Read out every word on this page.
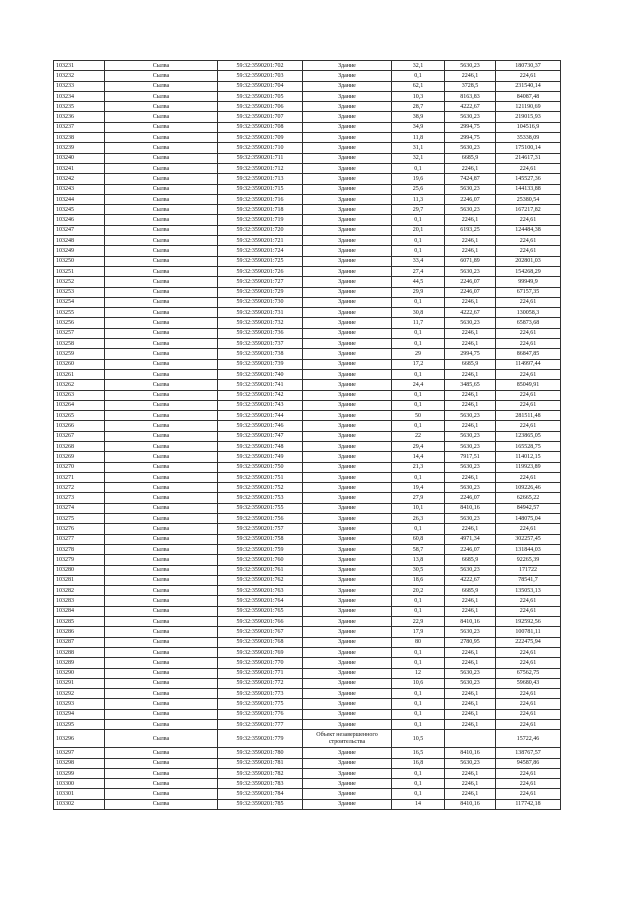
103231	Сылва	59:32:3590201:702	Здание	32,1	5630,23	180730,37
103232	Сылва	59:32:3590201:703	Здание	0,1	2246,1	224,61
103233	Сылва	59:32:3590201:704	Здание	62,1	3728,5	231540,14
103234	Сылва	59:32:3590201:705	Здание	10,3	8163,83	84087,48
103235	Сылва	59:32:3590201:706	Здание	28,7	4222,67	121190,69
103236	Сылва	59:32:3590201:707	Здание	38,9	5630,23	219015,93
103237	Сылва	59:32:3590201:708	Здание	34,9	2994,75	104516,9
103238	Сылва	59:32:3590201:709	Здание	11,8	2994,75	35338,09
103239	Сылва	59:32:3590201:710	Здание	31,1	5630,23	175100,14
103240	Сылва	59:32:3590201:711	Здание	32,1	6685,9	214617,31
103241	Сылва	59:32:3590201:712	Здание	0,1	2246,1	224,61
103242	Сылва	59:32:3590201:713	Здание	19,6	7424,87	145527,36
103243	Сылва	59:32:3590201:715	Здание	25,6	5630,23	144133,88
103244	Сылва	59:32:3590201:716	Здание	11,3	2246,07	25380,54
103245	Сылва	59:32:3590201:718	Здание	29,7	5630,23	167217,82
103246	Сылва	59:32:3590201:719	Здание	0,1	2246,1	224,61
103247	Сылва	59:32:3590201:720	Здание	20,1	6193,25	124484,38
103248	Сылва	59:32:3590201:721	Здание	0,1	2246,1	224,61
103249	Сылва	59:32:3590201:724	Здание	0,1	2246,1	224,61
103250	Сылва	59:32:3590201:725	Здание	33,4	6071,89	202801,03
103251	Сылва	59:32:3590201:726	Здание	27,4	5630,23	154268,29
103252	Сылва	59:32:3590201:727	Здание	44,5	2246,07	99949,9
103253	Сылва	59:32:3590201:729	Здание	29,9	2246,07	67157,35
103254	Сылва	59:32:3590201:730	Здание	0,1	2246,1	224,61
103255	Сылва	59:32:3590201:731	Здание	30,8	4222,67	130058,3
103256	Сылва	59:32:3590201:732	Здание	11,7	5630,23	65873,68
103257	Сылва	59:32:3590201:736	Здание	0,1	2246,1	224,61
103258	Сылва	59:32:3590201:737	Здание	0,1	2246,1	224,61
103259	Сылва	59:32:3590201:738	Здание	29	2994,75	86847,85
103260	Сылва	59:32:3590201:739	Здание	17,2	6685,9	114997,44
103261	Сылва	59:32:3590201:740	Здание	0,1	2246,1	224,61
103262	Сылва	59:32:3590201:741	Здание	24,4	3485,65	85049,91
103263	Сылва	59:32:3590201:742	Здание	0,1	2246,1	224,61
103264	Сылва	59:32:3590201:743	Здание	0,1	2246,1	224,61
103265	Сылва	59:32:3590201:744	Здание	50	5630,23	281511,48
103266	Сылва	59:32:3590201:746	Здание	0,1	2246,1	224,61
103267	Сылва	59:32:3590201:747	Здание	22	5630,23	123865,05
103268	Сылва	59:32:3590201:748	Здание	29,4	5630,23	165528,75
103269	Сылва	59:32:3590201:749	Здание	14,4	7917,51	114012,15
103270	Сылва	59:32:3590201:750	Здание	21,3	5630,23	119923,89
103271	Сылва	59:32:3590201:751	Здание	0,1	2246,1	224,61
103272	Сылва	59:32:3590201:752	Здание	19,4	5630,23	109226,46
103273	Сылва	59:32:3590201:753	Здание	27,9	2246,07	62665,22
103274	Сылва	59:32:3590201:755	Здание	10,1	8410,16	84942,57
103275	Сылва	59:32:3590201:756	Здание	26,3	5630,23	148075,04
103276	Сылва	59:32:3590201:757	Здание	0,1	2246,1	224,61
103277	Сылва	59:32:3590201:758	Здание	60,8	4971,34	302257,45
103278	Сылва	59:32:3590201:759	Здание	58,7	2246,07	131844,03
103279	Сылва	59:32:3590201:760	Здание	13,8	6685,9	92265,39
103280	Сылва	59:32:3590201:761	Здание	30,5	5630,23	171722
103281	Сылва	59:32:3590201:762	Здание	18,6	4222,67	78541,7
103282	Сылва	59:32:3590201:763	Здание	20,2	6685,9	135053,13
103283	Сылва	59:32:3590201:764	Здание	0,1	2246,1	224,61
103284	Сылва	59:32:3590201:765	Здание	0,1	2246,1	224,61
103285	Сылва	59:32:3590201:766	Здание	22,9	8410,16	192592,56
103286	Сылва	59:32:3590201:767	Здание	17,9	5630,23	100781,11
103287	Сылва	59:32:3590201:768	Здание	80	2780,95	222475,94
103288	Сылва	59:32:3590201:769	Здание	0,1	2246,1	224,61
103289	Сылва	59:32:3590201:770	Здание	0,1	2246,1	224,61
103290	Сылва	59:32:3590201:771	Здание	12	5630,23	67562,75
103291	Сылва	59:32:3590201:772	Здание	10,6	5630,23	59680,43
103292	Сылва	59:32:3590201:773	Здание	0,1	2246,1	224,61
103293	Сылва	59:32:3590201:775	Здание	0,1	2246,1	224,61
103294	Сылва	59:32:3590201:776	Здание	0,1	2246,1	224,61
103295	Сылва	59:32:3590201:777	Здание	0,1	2246,1	224,61
103296	Сылва	59:32:3590201:779	Объект незавершенного строительства	10,5		15722,46
103297	Сылва	59:32:3590201:780	Здание	16,5	8410,16	138767,57
103298	Сылва	59:32:3590201:781	Здание	16,8	5630,23	94587,86
103299	Сылва	59:32:3590201:782	Здание	0,1	2246,1	224,61
103300	Сылва	59:32:3590201:783	Здание	0,1	2246,1	224,61
103301	Сылва	59:32:3590201:784	Здание	0,1	2246,1	224,61
103302	Сылва	59:32:3590201:785	Здание	14	8410,16	117742,18
